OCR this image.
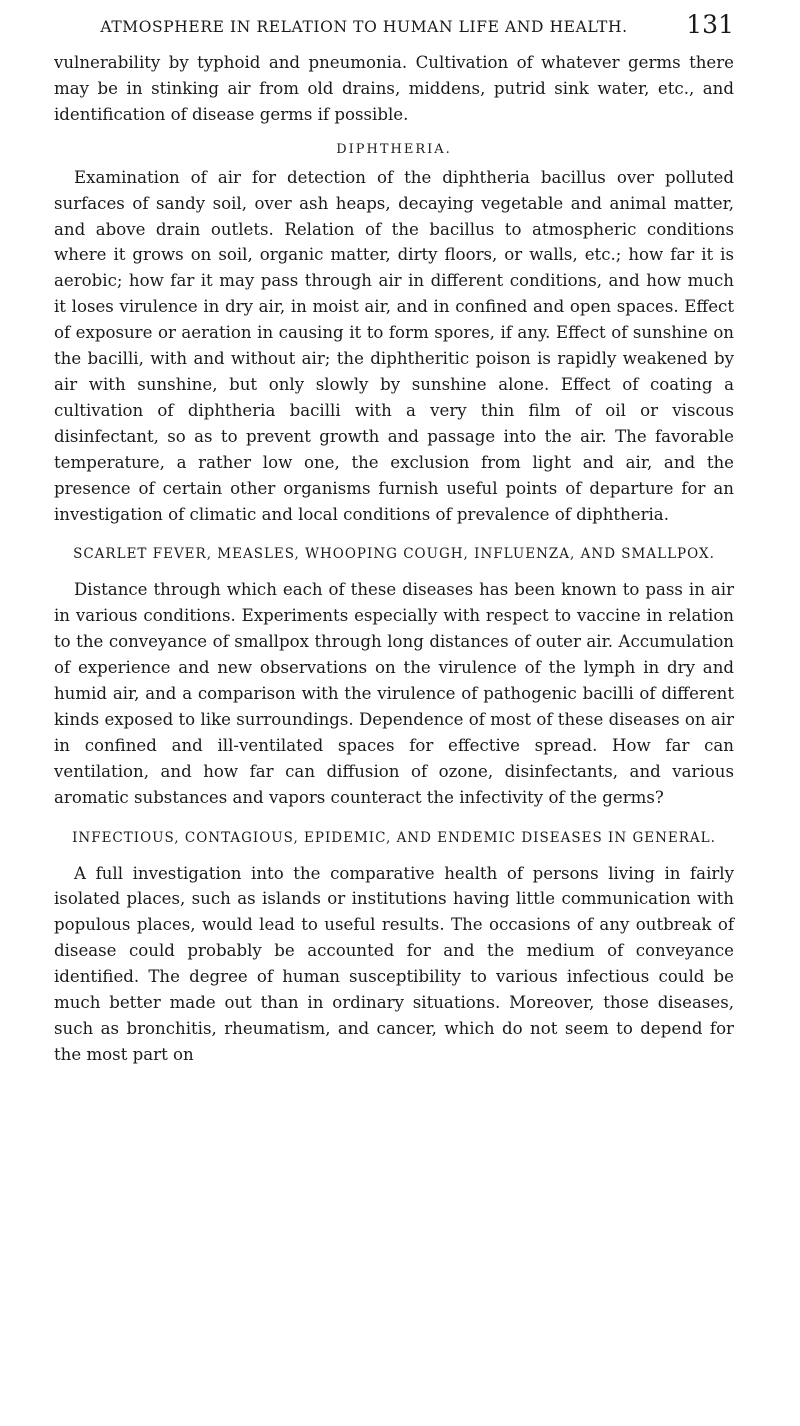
ATMOSPHERE IN RELATION TO HUMAN LIFE AND HEALTH.	131

vulnerability by typhoid and pneumonia. Cultivation of whatever germs there may be in stinking air from old drains, middens, putrid sink water, etc., and identification of disease germs if possible.

DIPHTHERIA.

Examination of air for detection of the diphtheria bacillus over polluted surfaces of sandy soil, over ash heaps, decaying vegetable and animal matter, and above drain outlets. Relation of the bacillus to atmospheric conditions where it grows on soil, organic matter, dirty floors, or walls, etc.; how far it is aerobic; how far it may pass through air in different conditions, and how much it loses virulence in dry air, in moist air, and in confined and open spaces. Effect of exposure or aeration in causing it to form spores, if any. Effect of sunshine on the bacilli, with and without air; the diphtheritic poison is rapidly weakened by air with sunshine, but only slowly by sunshine alone. Effect of coating a cultivation of diphtheria bacilli with a very thin film of oil or viscous disinfectant, so as to prevent growth and passage into the air. The favorable temperature, a rather low one, the exclusion from light and air, and the presence of certain other organisms furnish useful points of departure for an investigation of climatic and local conditions of prevalence of diphtheria.

SCARLET FEVER, MEASLES, WHOOPING COUGH, INFLUENZA, AND SMALLPOX.

Distance through which each of these diseases has been known to pass in air in various conditions. Experiments especially with respect to vaccine in relation to the conveyance of smallpox through long distances of outer air. Accumulation of experience and new observations on the virulence of the lymph in dry and humid air, and a comparison with the virulence of pathogenic bacilli of different kinds exposed to like surroundings. Dependence of most of these diseases on air in confined and ill-ventilated spaces for effective spread. How far can ventilation, and how far can diffusion of ozone, disinfectants, and various aromatic substances and vapors counteract the infectivity of the germs?

INFECTIOUS, CONTAGIOUS, EPIDEMIC, AND ENDEMIC DISEASES IN GENERAL.

A full investigation into the comparative health of persons living in fairly isolated places, such as islands or institutions having little communication with populous places, would lead to useful results. The occasions of any outbreak of disease could probably be accounted for and the medium of conveyance identified. The degree of human susceptibility to various infectious could be much better made out than in ordinary situations. Moreover, those diseases, such as bronchitis, rheumatism, and cancer, which do not seem to depend for the most part on
